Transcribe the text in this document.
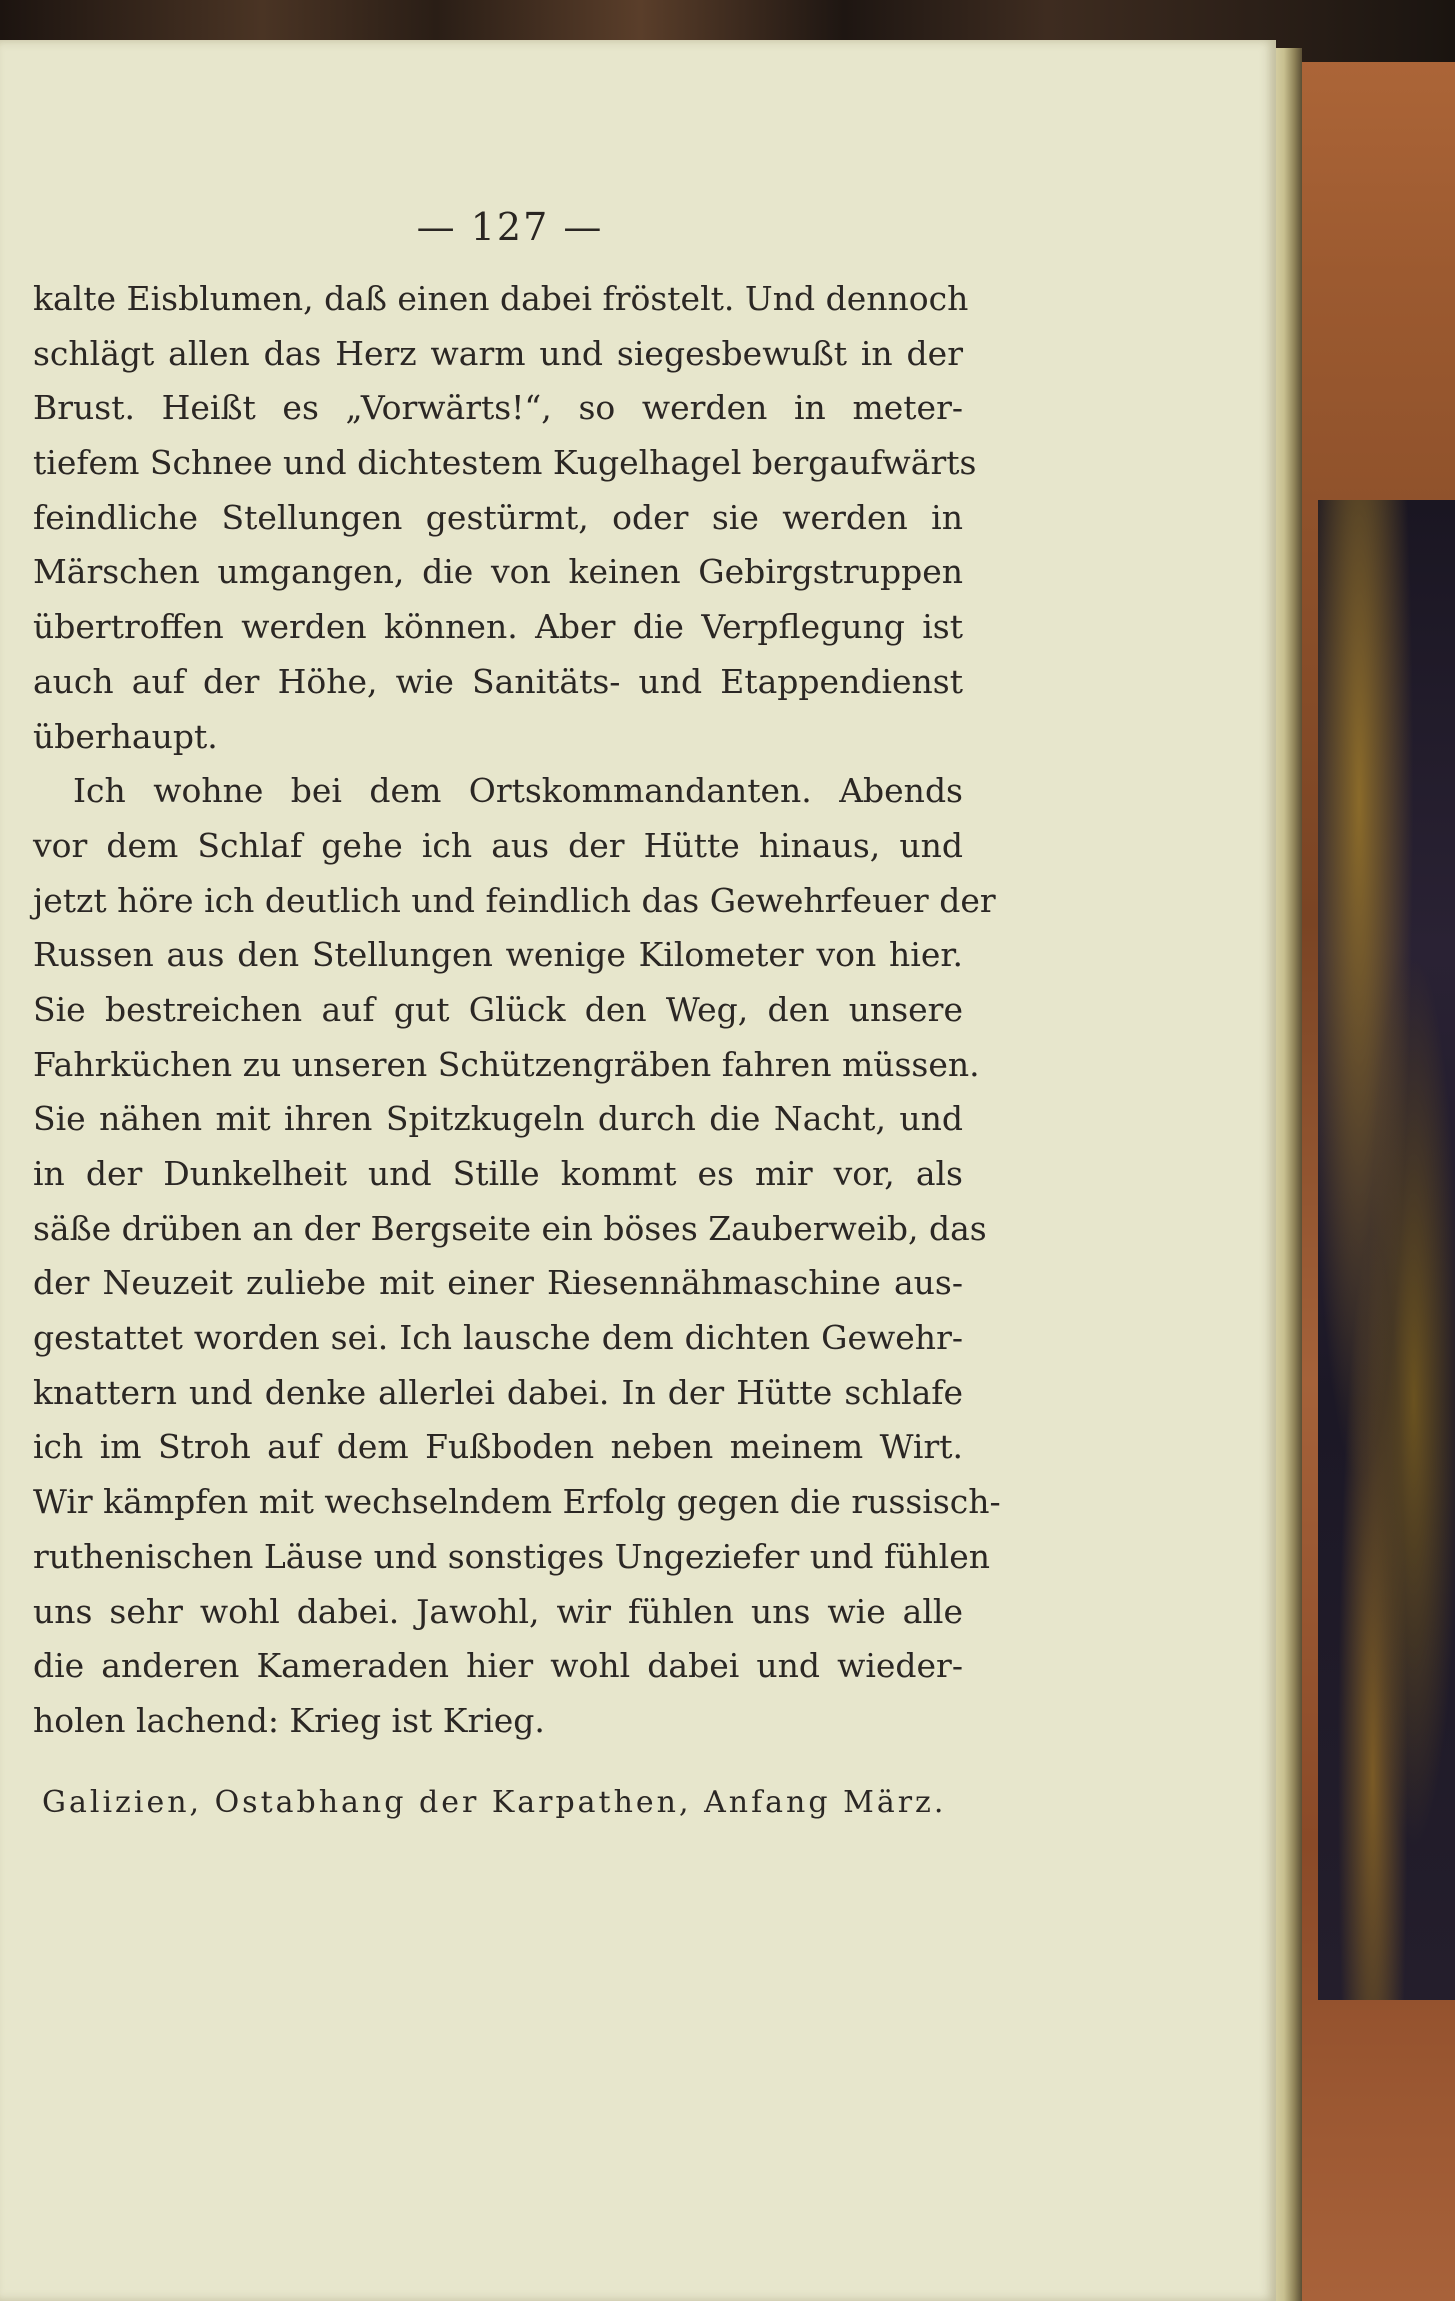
— 127 —
kalte Eisblumen, daß einen dabei fröstelt. Und dennoch
schlägt allen das Herz warm und siegesbewußt in der
Brust. Heißt es „Vorwärts!“, so werden in meter-
tiefem Schnee und dichtestem Kugelhagel bergaufwärts
feindliche Stellungen gestürmt, oder sie werden in
Märschen umgangen, die von keinen Gebirgstruppen
übertroffen werden können. Aber die Verpflegung ist
auch auf der Höhe, wie Sanitäts- und Etappendienst
überhaupt.
Ich wohne bei dem Ortskommandanten. Abends
vor dem Schlaf gehe ich aus der Hütte hinaus, und
jetzt höre ich deutlich und feindlich das Gewehrfeuer der
Russen aus den Stellungen wenige Kilometer von hier.
Sie bestreichen auf gut Glück den Weg, den unsere
Fahrküchen zu unseren Schützengräben fahren müssen.
Sie nähen mit ihren Spitzkugeln durch die Nacht, und
in der Dunkelheit und Stille kommt es mir vor, als
säße drüben an der Bergseite ein böses Zauberweib, das
der Neuzeit zuliebe mit einer Riesennähmaschine aus-
gestattet worden sei. Ich lausche dem dichten Gewehr-
knattern und denke allerlei dabei. In der Hütte schlafe
ich im Stroh auf dem Fußboden neben meinem Wirt.
Wir kämpfen mit wechselndem Erfolg gegen die russisch-
ruthenischen Läuse und sonstiges Ungeziefer und fühlen
uns sehr wohl dabei. Jawohl, wir fühlen uns wie alle
die anderen Kameraden hier wohl dabei und wieder-
holen lachend: Krieg ist Krieg.
Galizien, Ostabhang der Karpathen, Anfang März.
